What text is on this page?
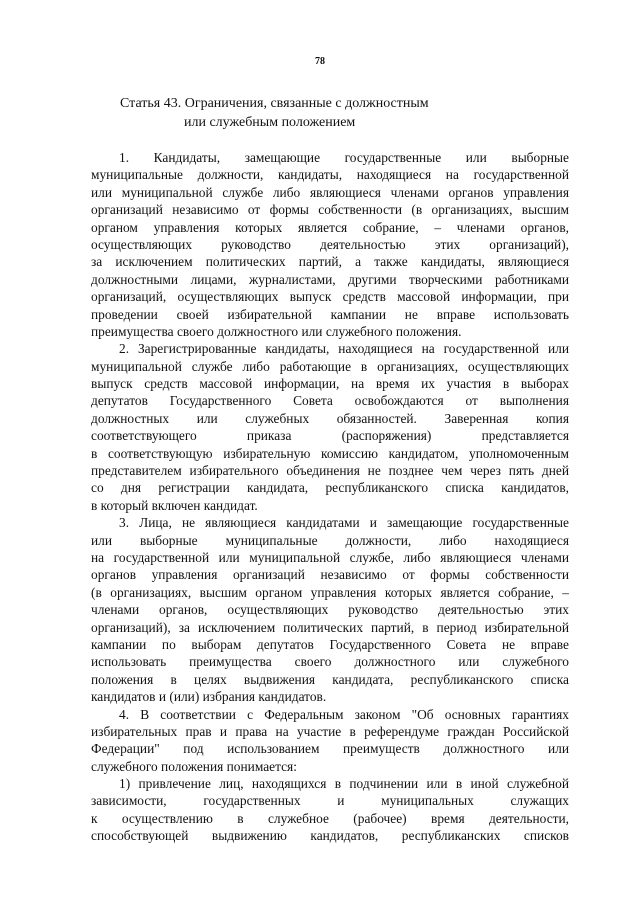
78
Статья 43. Ограничения, связанные с должностным
или служебным положением
1. Кандидаты, замещающие государственные или выборные
муниципальные должности, кандидаты, находящиеся на государственной
или муниципальной службе либо являющиеся членами органов управления
организаций независимо от формы собственности (в организациях, высшим
органом управления которых является собрание, – членами органов,
осуществляющих руководство деятельностью этих организаций),
за исключением политических партий, а также кандидаты, являющиеся
должностными лицами, журналистами, другими творческими работниками
организаций, осуществляющих выпуск средств массовой информации, при
проведении своей избирательной кампании не вправе использовать
преимущества своего должностного или служебного положения.
2. Зарегистрированные кандидаты, находящиеся на государственной или
муниципальной службе либо работающие в организациях, осуществляющих
выпуск средств массовой информации, на время их участия в выборах
депутатов Государственного Совета освобождаются от выполнения
должностных или служебных обязанностей. Заверенная копия
соответствующего приказа (распоряжения) представляется
в соответствующую избирательную комиссию кандидатом, уполномоченным
представителем избирательного объединения не позднее чем через пять дней
со дня регистрации кандидата, республиканского списка кандидатов,
в который включен кандидат.
3. Лица, не являющиеся кандидатами и замещающие государственные
или выборные муниципальные должности, либо находящиеся
на государственной или муниципальной службе, либо являющиеся членами
органов управления организаций независимо от формы собственности
(в организациях, высшим органом управления которых является собрание, –
членами органов, осуществляющих руководство деятельностью этих
организаций), за исключением политических партий, в период избирательной
кампании по выборам депутатов Государственного Совета не вправе
использовать преимущества своего должностного или служебного
положения в целях выдвижения кандидата, республиканского списка
кандидатов и (или) избрания кандидатов.
4. В соответствии с Федеральным законом "Об основных гарантиях
избирательных прав и права на участие в референдуме граждан Российской
Федерации" под использованием преимуществ должностного или
служебного положения понимается:
1) привлечение лиц, находящихся в подчинении или в иной служебной
зависимости, государственных и муниципальных служащих
к осуществлению в служебное (рабочее) время деятельности,
способствующей выдвижению кандидатов, республиканских списков
